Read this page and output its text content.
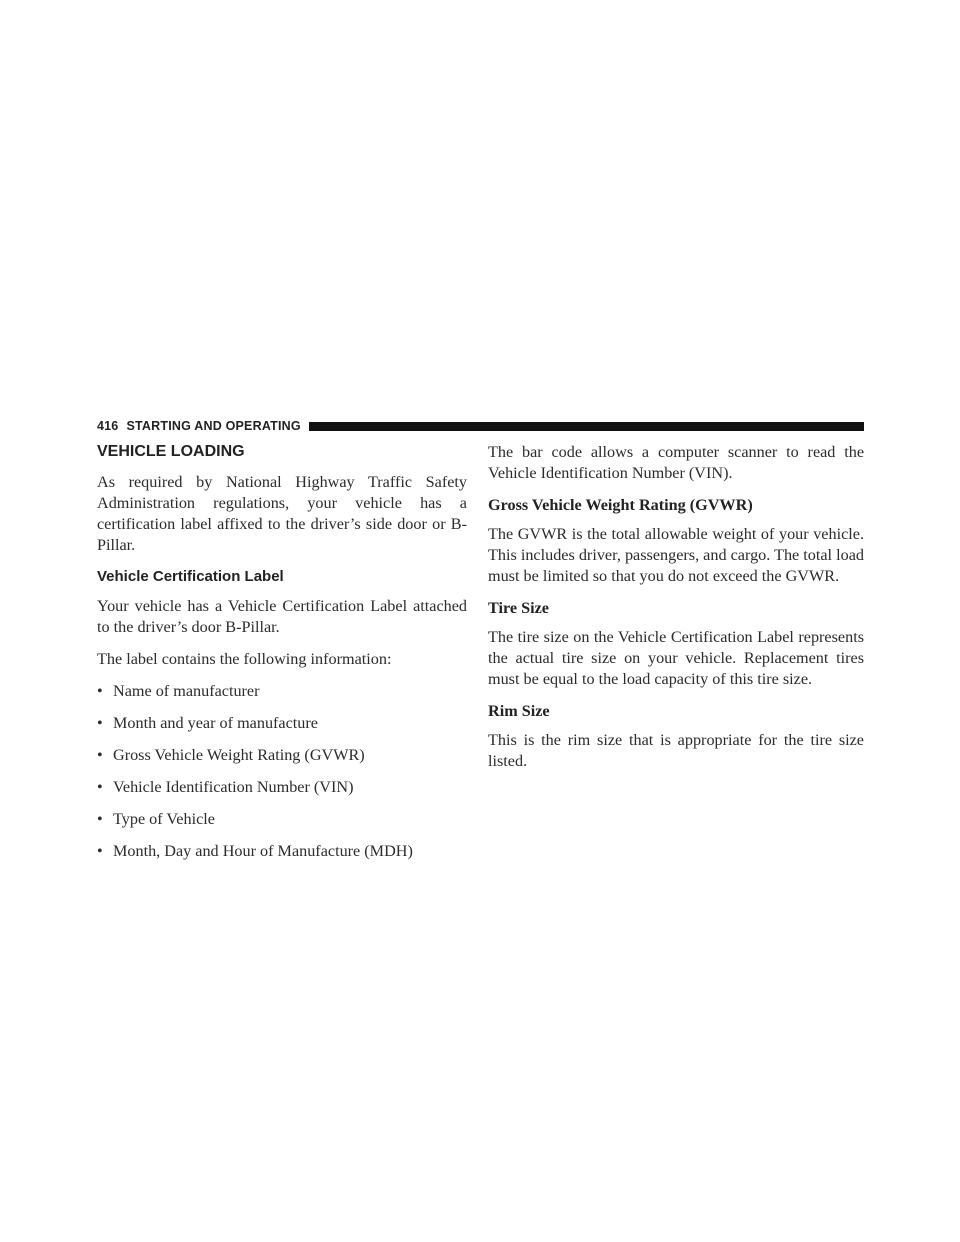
416 STARTING AND OPERATING
VEHICLE LOADING

As required by National Highway Traffic Safety Administration regulations, your vehicle has a certification label affixed to the driver’s side door or B-Pillar.

Vehicle Certification Label

Your vehicle has a Vehicle Certification Label attached to the driver’s door B-Pillar.

The label contains the following information:

• Name of manufacturer
• Month and year of manufacture
• Gross Vehicle Weight Rating (GVWR)
• Vehicle Identification Number (VIN)
• Type of Vehicle
• Month, Day and Hour of Manufacture (MDH)

The bar code allows a computer scanner to read the Vehicle Identification Number (VIN).

Gross Vehicle Weight Rating (GVWR)

The GVWR is the total allowable weight of your vehicle. This includes driver, passengers, and cargo. The total load must be limited so that you do not exceed the GVWR.

Tire Size

The tire size on the Vehicle Certification Label represents the actual tire size on your vehicle. Replacement tires must be equal to the load capacity of this tire size.

Rim Size

This is the rim size that is appropriate for the tire size listed.
